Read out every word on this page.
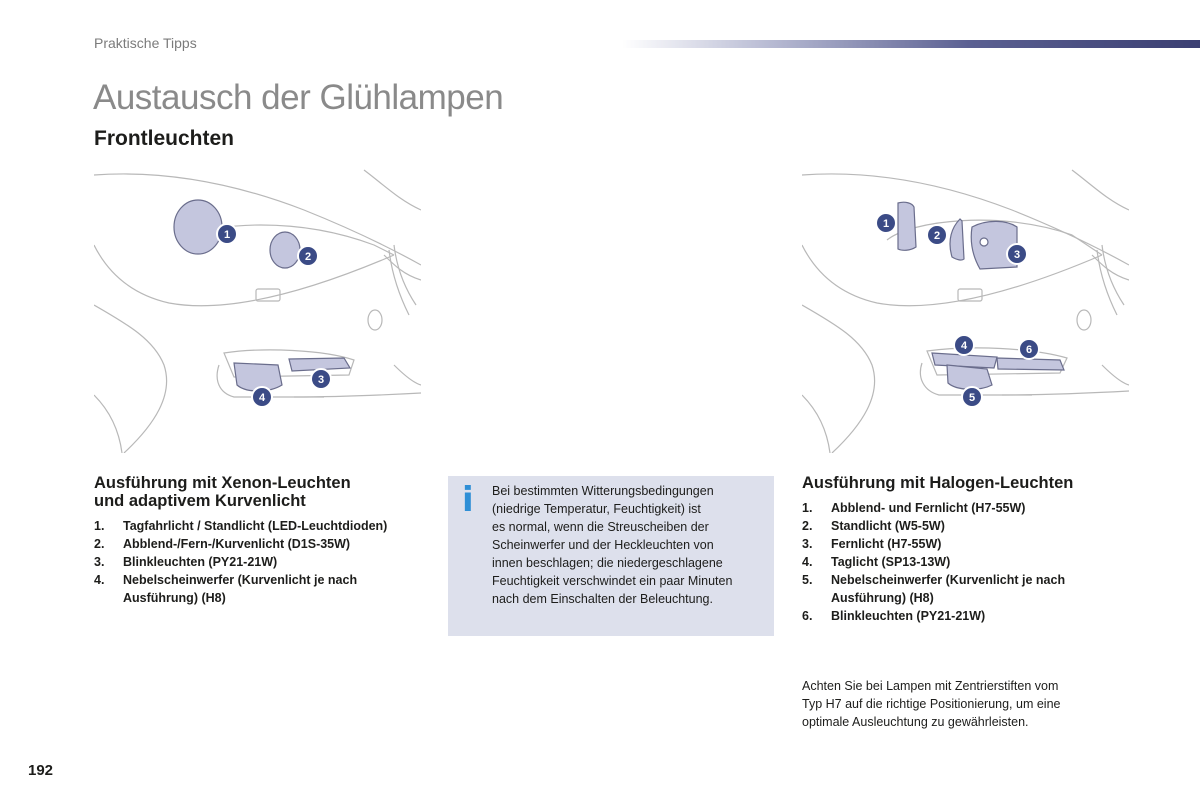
Praktische Tipps
Austausch der Glühlampen
Frontleuchten
1
2
3
4
1
2
3
4
5
6
Ausführung mit Xenon-Leuchten
und adaptivem Kurvenlicht
1. Tagfahrlicht / Standlicht (LED-Leuchtdioden)
2. Abblend-/Fern-/Kurvenlicht (D1S-35W)
3. Blinkleuchten (PY21-21W)
4. Nebelscheinwerfer (Kurvenlicht je nach Ausführung) (H8)
i Bei bestimmten Witterungsbedingungen
(niedrige Temperatur, Feuchtigkeit) ist
es normal, wenn die Streuscheiben der
Scheinwerfer und der Heckleuchten von
innen beschlagen; die niedergeschlagene
Feuchtigkeit verschwindet ein paar Minuten
nach dem Einschalten der Beleuchtung.
Ausführung mit Halogen-Leuchten
1. Abblend- und Fernlicht (H7-55W)
2. Standlicht (W5-5W)
3. Fernlicht (H7-55W)
4. Taglicht (SP13-13W)
5. Nebelscheinwerfer (Kurvenlicht je nach Ausführung) (H8)
6. Blinkleuchten (PY21-21W)
Achten Sie bei Lampen mit Zentrierstiften vom
Typ H7 auf die richtige Positionierung, um eine
optimale Ausleuchtung zu gewährleisten.
192
